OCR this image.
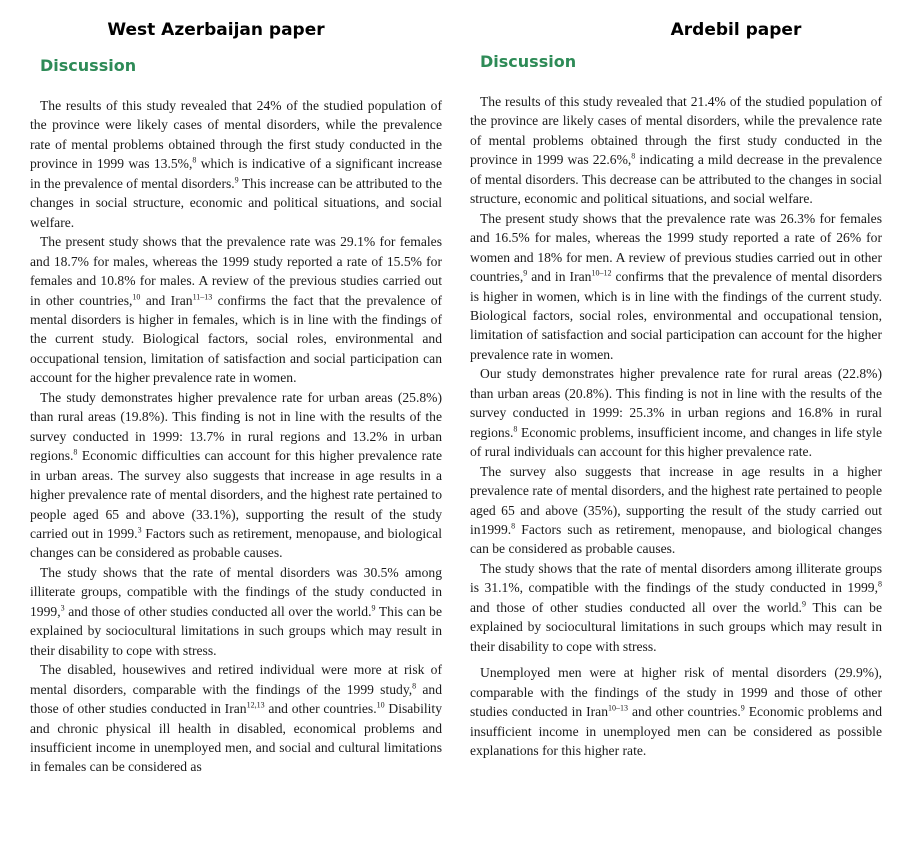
West Azerbaijan paper
Discussion

The results of this study revealed that 24% of the studied population of the province were likely cases of mental disorders, while the prevalence rate of mental problems obtained through the first study conducted in the province in 1999 was 13.5%,$^8$ which is indicative of a significant increase in the prevalence of mental disorders.$^9$ This increase can be attributed to the changes in social structure, economic and political situations, and social welfare.

The present study shows that the prevalence rate was 29.1% for females and 18.7% for males, whereas the 1999 study reported a rate of 15.5% for females and 10.8% for males. A review of the previous studies carried out in other countries,$^{10}$ and Iran$^{11-13}$ confirms the fact that the prevalence of mental disorders is higher in females, which is in line with the findings of the current study. Biological factors, social roles, environmental and occupational tension, limitation of satisfaction and social participation can account for the higher prevalence rate in women.

The study demonstrates higher prevalence rate for urban areas (25.8%) than rural areas (19.8%). This finding is not in line with the results of the survey conducted in 1999: 13.7% in rural regions and 13.2% in urban regions.$^8$ Economic difficulties can account for this higher prevalence rate in urban areas. The survey also suggests that increase in age results in a higher prevalence rate of mental disorders, and the highest rate pertained to people aged 65 and above (33.1%), supporting the result of the study carried out in 1999.$^3$ Factors such as retirement, menopause, and biological changes can be considered as probable causes.

The study shows that the rate of mental disorders was 30.5% among illiterate groups, compatible with the findings of the study conducted in 1999,$^3$ and those of other studies conducted all over the world.$^9$ This can be explained by sociocultural limitations in such groups which may result in their disability to cope with stress.

The disabled, housewives and retired individual were more at risk of mental disorders, comparable with the findings of the 1999 study,$^8$ and those of other studies conducted in Iran$^{12,13}$ and other countries.$^{10}$ Disability and chronic physical ill health in disabled, economical problems and insufficient income in unemployed men, and social and cultural limitations in females can be considered as

Ardebil paper
Discussion

The results of this study revealed that 21.4% of the studied population of the province are likely cases of mental disorders, while the prevalence rate of mental problems obtained through the first study conducted in the province in 1999 was 22.6%,$^8$ indicating a mild decrease in the prevalence of mental disorders. This decrease can be attributed to the changes in social structure, economic and political situations, and social welfare.

The present study shows that the prevalence rate was 26.3% for females and 16.5% for males, whereas the 1999 study reported a rate of 26% for women and 18% for men. A review of previous studies carried out in other countries,$^9$ and in Iran$^{10-12}$ confirms that the prevalence of mental disorders is higher in women, which is in line with the findings of the current study. Biological factors, social roles, environmental and occupational tension, limitation of satisfaction and social participation can account for the higher prevalence rate in women.

Our study demonstrates higher prevalence rate for rural areas (22.8%) than urban areas (20.8%). This finding is not in line with the results of the survey conducted in 1999: 25.3% in urban regions and 16.8% in rural regions.$^8$ Economic problems, insufficient income, and changes in life style of rural individuals can account for this higher prevalence rate.

The survey also suggests that increase in age results in a higher prevalence rate of mental disorders, and the highest rate pertained to people aged 65 and above (35%), supporting the result of the study carried out in1999.$^8$ Factors such as retirement, menopause, and biological changes can be considered as probable causes.

The study shows that the rate of mental disorders among illiterate groups is 31.1%, compatible with the findings of the study conducted in 1999,$^8$ and those of other studies conducted all over the world.$^9$ This can be explained by sociocultural limitations in such groups which may result in their disability to cope with stress.

Unemployed men were at higher risk of mental disorders (29.9%), comparable with the findings of the study in 1999 and those of other studies conducted in Iran$^{10-13}$ and other countries.$^9$ Economic problems and insufficient income in unemployed men can be considered as possible explanations for this higher rate.
